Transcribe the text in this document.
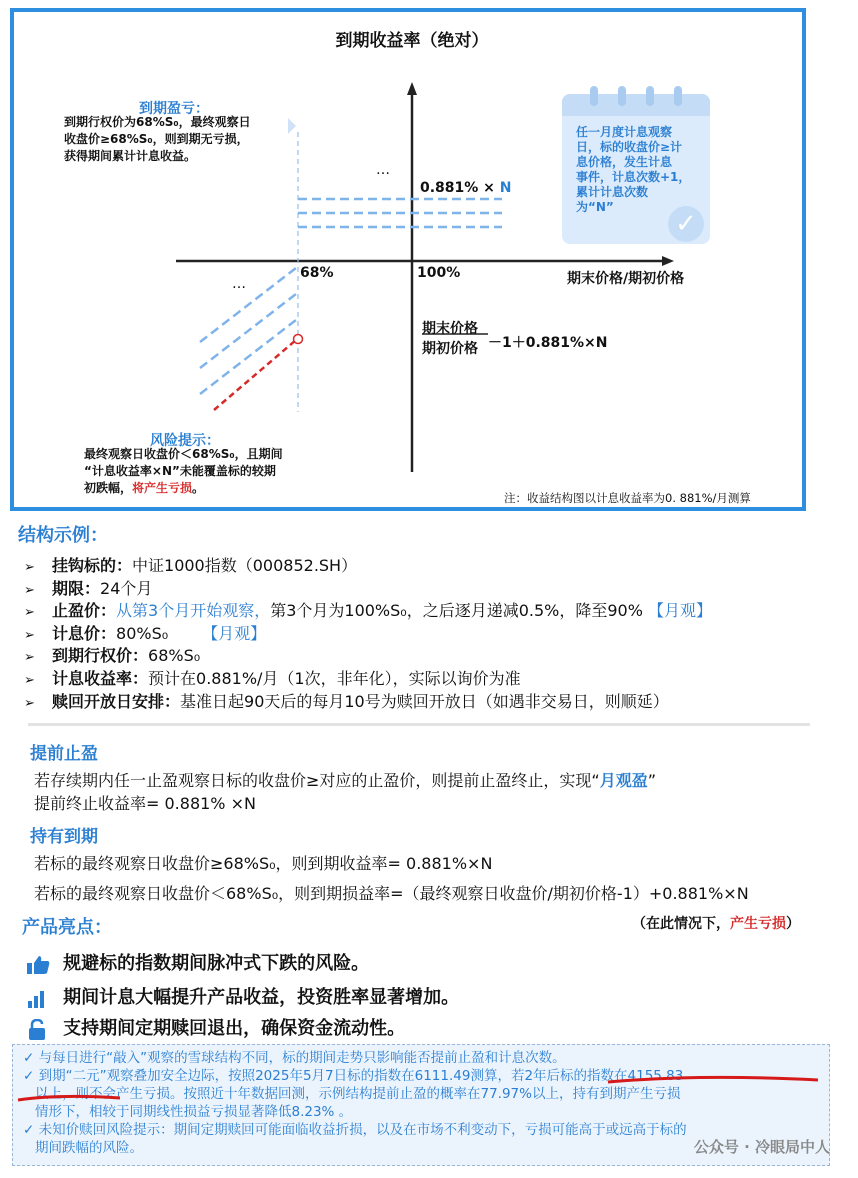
到期收益率（绝对）
到期盈亏：
到期行权价为68%S₀，最终观察日
收盘价≥68%S₀，则到期无亏损，
获得期间累计计息收益。
✓
任一月度计息观察
日，标的收盘价≥计
息价格，发生计息
事件，计息次数+1，
累计计息次数
为“N”
…
…
0.881% × N
68%	100%	期末价格/期初价格
期末价格
期初价格 －1＋0.881%×N
风险提示：
最终观察日收盘价＜68%S₀，且期间
“计息收益率×N”未能覆盖标的较期
初跌幅，将产生亏损。
注：收益结构图以计息收益率为0. 881%/月测算
结构示例：
➢ 挂钩标的：中证1000指数（000852.SH）
➢ 期限：24个月
➢ 止盈价：从第3个月开始观察，第3个月为100%S₀，之后逐月递减0.5%，降至90% 【月观】
➢ 计息价：80%S₀ 【月观】
➢ 到期行权价：68%S₀
➢ 计息收益率：预计在0.881%/月（1次，非年化），实际以询价为准
➢ 赎回开放日安排：基准日起90天后的每月10号为赎回开放日（如遇非交易日，则顺延）
提前止盈
若存续期内任一止盈观察日标的收盘价≥对应的止盈价，则提前止盈终止，实现“月观盈”
提前终止收益率= 0.881% ×N
持有到期
若标的最终观察日收盘价≥68%S₀，则到期收益率= 0.881%×N
若标的最终观察日收盘价＜68%S₀，则到期损益率=（最终观察日收盘价/期初价格-1）+0.881%×N
产品亮点：	（在此情况下，产生亏损）
规避标的指数期间脉冲式下跌的风险。
期间计息大幅提升产品收益，投资胜率显著增加。
支持期间定期赎回退出，确保资金流动性。
✓ 与每日进行“敲入”观察的雪球结构不同，标的期间走势只影响能否提前止盈和计息次数。
✓ 到期“二元”观察叠加安全边际，按照2025年5月7日标的指数在6111.49测算，若2年后标的指数在4155.83
以上，则不会产生亏损。按照近十年数据回测，示例结构提前止盈的概率在77.97%以上，持有到期产生亏损
情形下，相较于同期线性损益亏损显著降低8.23% 。
✓ 未知价赎回风险提示：期间定期赎回可能面临收益折损，以及在市场不利变动下，亏损可能高于或远高于标的
期间跌幅的风险。	公众号 · 冷眼局中人
